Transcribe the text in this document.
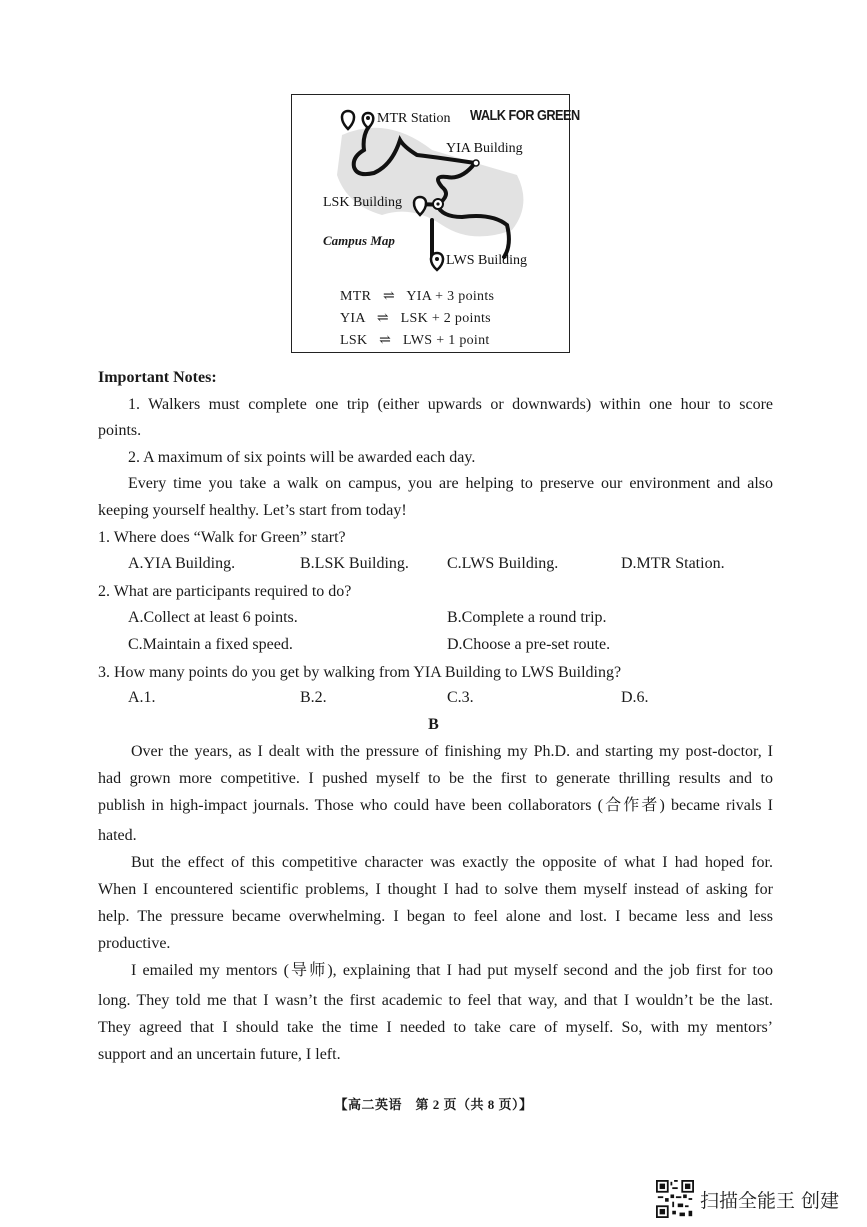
WALK FOR GREEN
MTR Station
YIA Building
LSK Building
LWS Building
Campus Map
MTR ⇌ YIA + 3 points
YIA ⇌ LSK + 2 points
LSK ⇌ LWS + 1 point
Important Notes:
1. Walkers must complete one trip (either upwards or downwards) within one hour to score
points.
2. A maximum of six points will be awarded each day.
Every time you take a walk on campus, you are helping to preserve our environment and also
keeping yourself healthy. Let’s start from today!
1. Where does “Walk for Green” start?
A.YIA Building.	B.LSK Building. C.LWS Building.	D.MTR Station.
2. What are participants required to do?
A.Collect at least 6 points.	B.Complete a round trip.
C.Maintain a fixed speed.	D.Choose a pre-set route.
3. How many points do you get by walking from YIA Building to LWS Building?
A.1.	B.2.	C.3.	D.6.
B
Over the years, as I dealt with the pressure of finishing my Ph.D. and starting my post-doctor, I
had grown more competitive. I pushed myself to be the first to generate thrilling results and to
publish in high-impact journals. Those who could have been collaborators (合作者) became rivals I
hated.
But the effect of this competitive character was exactly the opposite of what I had hoped for.
When I encountered scientific problems, I thought I had to solve them myself instead of asking for
help. The pressure became overwhelming. I began to feel alone and lost. I became less and less
productive.
I emailed my mentors (导师), explaining that I had put myself second and the job first for too
long. They told me that I wasn’t the first academic to feel that way, and that I wouldn’t be the last.
They agreed that I should take the time I needed to take care of myself. So, with my mentors’
support and an uncertain future, I left.
【高二英语　第 2 页（共 8 页）】
扫描全能王 创建
